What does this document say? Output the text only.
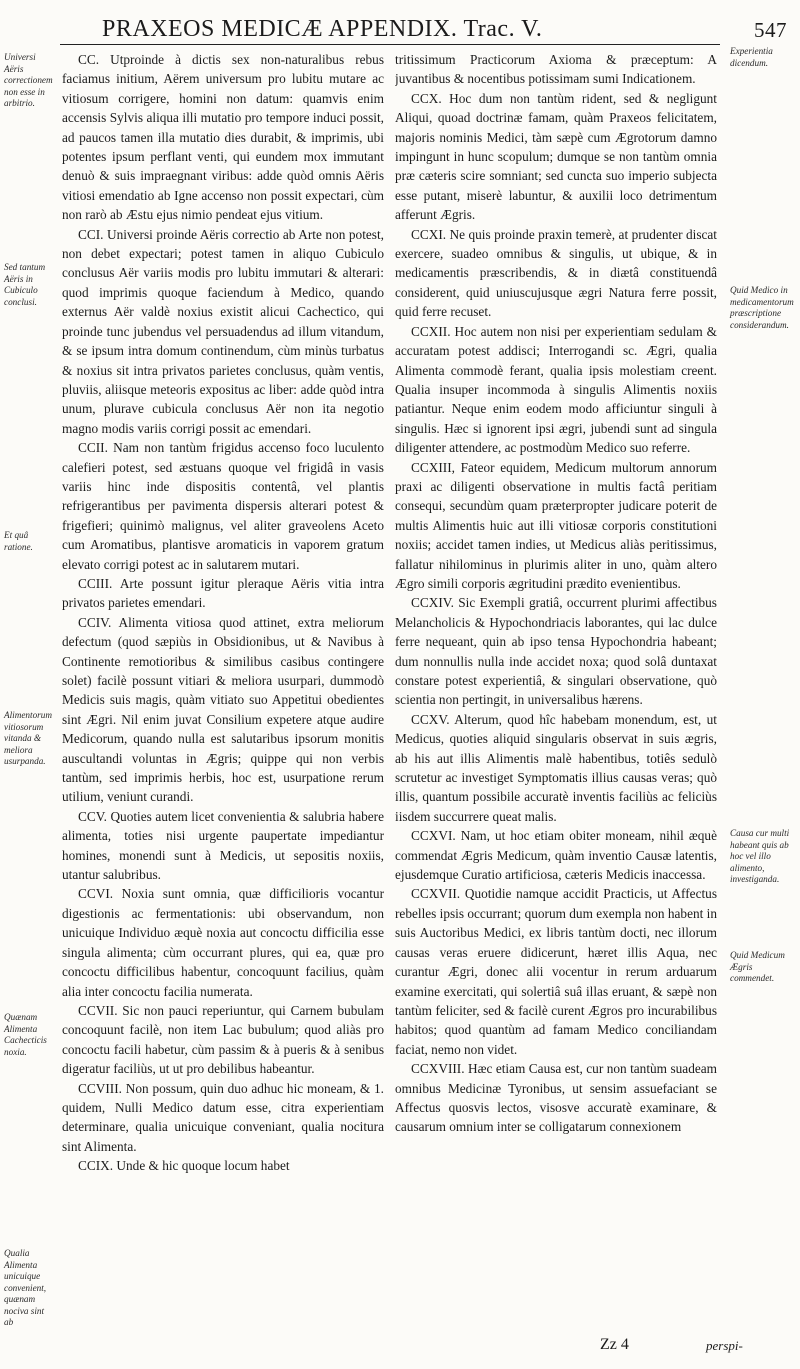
PRAXEOS MEDICÆ APPENDIX. Trac. V.	547
Universi Aëris correctionem non esse in arbitrio.
Sed tantum Aëris in Cubiculo conclusi.
Et quâ ratione.
Alimentorum vitiosorum vitanda & meliora usurpanda.
Quænam Alimenta Cachecticis noxia.
Qualia Alimenta unicuique convenient, quænam nociva sint ab

CC. Utproinde à dictis sex non-naturalibus rebus faciamus initium, Aërem universum pro lubitu mutare ac vitiosum corrigere, homini non datum: quamvis enim accensis Sylvis aliqua illi mutatio pro tempore induci possit, ad paucos tamen illa mutatio dies durabit, & imprimis, ubi potentes ipsum perflant venti, qui eundem mox immutant denuò & suis impraegnant viribus: adde quòd omnis Aëris vitiosi emendatio ab Igne accenso non possit expectari, cùm non rarò ab Æstu ejus nimio pendeat ejus vitium.

CCI. Universi proinde Aëris correctio ab Arte non potest, non debet expectari; potest tamen in aliquo Cubiculo conclusus Aër variis modis pro lubitu immutari & alterari: quod imprimis quoque faciendum à Medico, quando externus Aër valdè noxius existit alicui Cachectico, qui proinde tunc jubendus vel persuadendus ad illum vitandum, & se ipsum intra domum continendum, cùm minùs turbatus & noxius sit intra privatos parietes conclusus, quàm ventis, pluviis, aliisque meteoris expositus ac liber: adde quòd intra unum, plurave cubicula conclusus Aër non ita negotio magno modis variis corrigi possit ac emendari.

CCII. Nam non tantùm frigidus accenso foco luculento calefieri potest, sed æstuans quoque vel frigidâ in vasis variis hinc inde dispositis contentâ, vel plantis refrigerantibus per pavimenta dispersis alterari potest & frigefieri; quinimò malignus, vel aliter graveolens Aceto cum Aromatibus, plantisve aromaticis in vaporem gratum elevato corrigi potest ac in salutarem mutari.

CCIII. Arte possunt igitur pleraque Aëris vitia intra privatos parietes emendari.

CCIV. Alimenta vitiosa quod attinet, extra meliorum defectum (quod sæpiùs in Obsidionibus, ut & Navibus à Continente remotioribus & similibus casibus contingere solet) facilè possunt vitiari & meliora usurpari, dummodò Medicis suis magis, quàm vitiato suo Appetitui obedientes sint Ægri. Nil enim juvat Consilium expetere atque audire Medicorum, quando nulla est salutaribus ipsorum monitis auscultandi voluntas in Ægris; quippe qui non verbis tantùm, sed imprimis herbis, hoc est, usurpatione rerum utilium, veniunt curandi.

CCV. Quoties autem licet convenientia & salubria habere alimenta, toties nisi urgente paupertate impediantur homines, monendi sunt à Medicis, ut sepositis noxiis, utantur salubribus.

CCVI. Noxia sunt omnia, quæ difficilioris vocantur digestionis ac fermentationis: ubi observandum, non unicuique Individuo æquè noxia aut concoctu difficilia esse singula alimenta; cùm occurrant plures, qui ea, quæ pro concoctu difficilibus habentur, concoquunt facilius, quàm alia inter concoctu facilia numerata.

CCVII. Sic non pauci reperiuntur, qui Carnem bubulam concoquunt facilè, non item Lac bubulum; quod aliàs pro concoctu facili habetur, cùm passim & à pueris & à senibus digeratur faciliùs, ut ut pro debilibus habeantur.

CCVIII. Non possum, quin duo adhuc hic moneam, & 1. quidem, Nulli Medico datum esse, citra experientiam determinare, qualia unicuique conveniant, qualia nocitura sint Alimenta.

CCIX. Unde & hic quoque locum habet

tritissimum Practicorum Axioma & præceptum: A juvantibus & nocentibus potissimam sumi Indicationem.

CCX. Hoc dum non tantùm rident, sed & negligunt Aliqui, quoad doctrinæ famam, quàm Praxeos felicitatem, majoris nominis Medici, tàm sæpè cum Ægrotorum damno impingunt in hunc scopulum; dumque se non tantùm omnia præ cæteris scire somniant; sed cuncta suo imperio subjecta esse putant, miserè labuntur, & auxilii loco detrimentum afferunt Ægris.

CCXI. Ne quis proinde praxin temerè, at prudenter discat exercere, suadeo omnibus & singulis, ut ubique, & in medicamentis præscribendis, & in diætâ constituendâ considerent, quid uniuscujusque ægri Natura ferre possit, quid ferre recuset.

CCXII. Hoc autem non nisi per experientiam sedulam & accuratam potest addisci; Interrogandi sc. Ægri, qualia Alimenta commodè ferant, qualia ipsis molestiam creent. Qualia insuper incommoda à singulis Alimentis noxiis patiantur. Neque enim eodem modo afficiuntur singuli à singulis. Hæc si ignorent ipsi ægri, jubendi sunt ad singula diligenter attendere, ac postmodùm Medico suo referre.

CCXIII, Fateor equidem, Medicum multorum annorum praxi ac diligenti observatione in multis factâ peritiam consequi, secundùm quam præterpropter judicare poterit de multis Alimentis huic aut illi vitiosæ corporis constitutioni noxiis; accidet tamen indies, ut Medicus aliàs peritissimus, fallatur nihilominus in plurimis aliter in uno, quàm altero Ægro simili corporis ægritudini prædito evenientibus.

CCXIV. Sic Exempli gratiâ, occurrent plurimi affectibus Melancholicis & Hypochondriacis laborantes, qui lac dulce ferre nequeant, quin ab ipso tensa Hypochondria habeant; dum nonnullis nulla inde accidet noxa; quod solâ duntaxat constare potest experientiâ, & singulari observatione, quò scientia non pertingit, in universalibus hærens.

CCXV. Alterum, quod hîc habebam monendum, est, ut Medicus, quoties aliquid singularis observat in suis ægris, ab his aut illis Alimentis malè habentibus, totiês sedulò scrutetur ac investiget Symptomatis illius causas veras; quò illis, quantum possibile accuratè inventis faciliùs ac feliciùs iisdem succurrere queat malis.

CCXVI. Nam, ut hoc etiam obiter moneam, nihil æquè commendat Ægris Medicum, quàm inventio Causæ latentis, ejusdemque Curatio artificiosa, cæteris Medicis inaccessa.

CCXVII. Quotidie namque accidit Practicis, ut Affectus rebelles ipsis occurrant; quorum dum exempla non habent in suis Auctoribus Medici, ex libris tantùm docti, nec illorum causas veras eruere didicerunt, hæret illis Aqua, nec curantur Ægri, donec alii vocentur in rerum arduarum examine exercitati, qui solertiâ suâ illas eruant, & sæpè non tantùm feliciter, sed & facilè curent Ægros pro incurabilibus habitos; quod quantùm ad famam Medico conciliandam faciat, nemo non videt.

CCXVIII. Hæc etiam Causa est, cur non tantùm suadeam omnibus Medicinæ Tyronibus, ut sensim assuefaciant se Affectus quosvis lectos, visosve accuratè examinare, & causarum omnium inter se colligatarum connexionem

Experientia dicendum.
Quid Medico in medicamentorum præscriptione considerandum.
Causa cur multi habeant quis ab hoc vel illo alimento, investiganda.
Quid Medicum Ægris commendet.
Zz 4	perspi-
